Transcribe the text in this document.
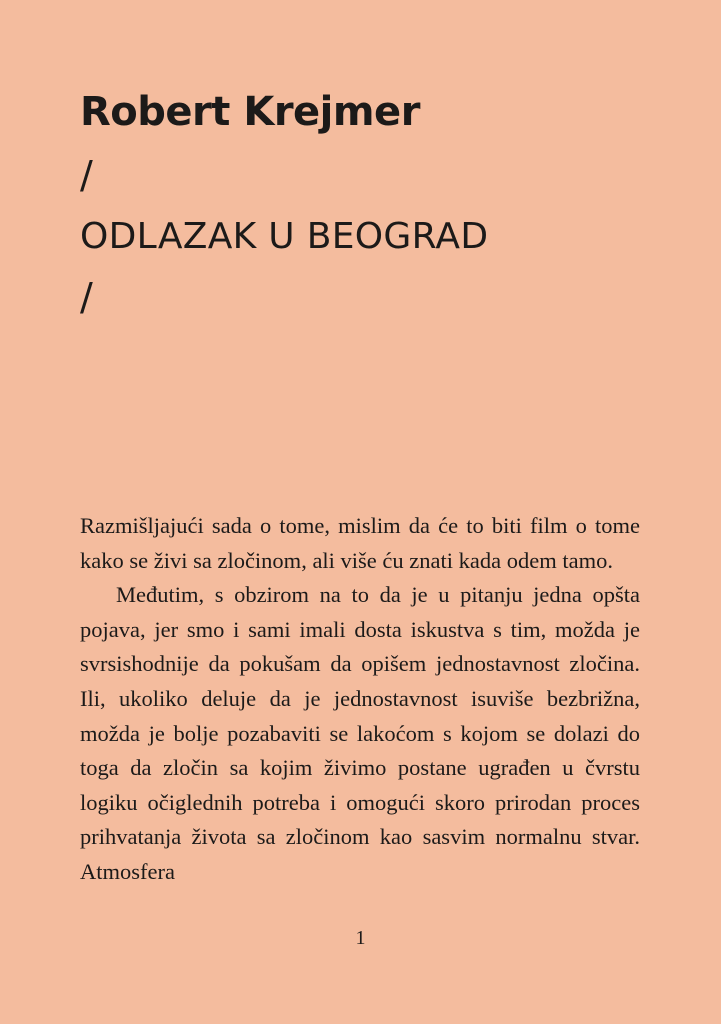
Robert Krejmer
/
ODLAZAK U BEOGRAD
/

Razmišljajući sada o tome, mislim da će to biti film o tome kako se živi sa zločinom, ali više ću znati kada odem tamo.

Međutim, s obzirom na to da je u pitanju jedna opšta pojava, jer smo i sami imali dosta iskustva s tim, možda je svrsishodnije da pokušam da opišem jednostavnost zločina. Ili, ukoliko deluje da je jednostavnost isuviše bezbrižna, možda je bolje pozabaviti se lakoćom s kojom se dolazi do toga da zločin sa kojim živimo postane ugrađen u čvrstu logiku očiglednih potreba i omogući skoro prirodan proces prihvatanja života sa zločinom kao sasvim normalnu stvar. Atmosfera

1
